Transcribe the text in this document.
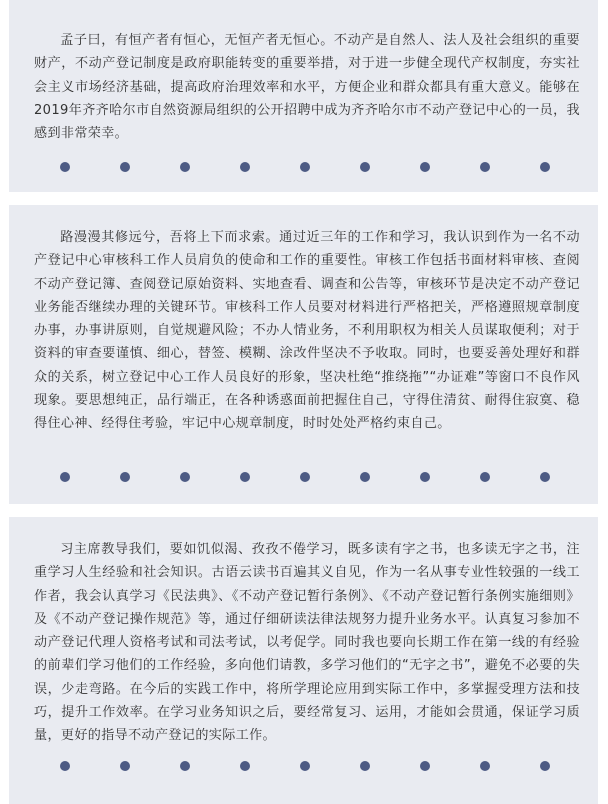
孟子曰，有恒产者有恒心，无恒产者无恒心。不动产是自然人、法人及社会组织的重要财产，不动产登记制度是政府职能转变的重要举措，对于进一步健全现代产权制度，夯实社会主义市场经济基础，提高政府治理效率和水平，方便企业和群众都具有重大意义。能够在2019年齐齐哈尔市自然资源局组织的公开招聘中成为齐齐哈尔市不动产登记中心的一员，我感到非常荣幸。

路漫漫其修远兮，吾将上下而求索。通过近三年的工作和学习，我认识到作为一名不动产登记中心审核科工作人员肩负的使命和工作的重要性。审核工作包括书面材料审核、查阅不动产登记簿、查阅登记原始资料、实地查看、调查和公告等，审核环节是决定不动产登记业务能否继续办理的关键环节。审核科工作人员要对材料进行严格把关，严格遵照规章制度办事，办事讲原则，自觉规避风险；不办人情业务，不利用职权为相关人员谋取便利；对于资料的审查要谨慎、细心，替签、模糊、涂改件坚决不予收取。同时，也要妥善处理好和群众的关系，树立登记中心工作人员良好的形象，坚决杜绝“推绕拖”“办证难”等窗口不良作风现象。要思想纯正，品行端正，在各种诱惑面前把握住自己，守得住清贫、耐得住寂寞、稳得住心神、经得住考验，牢记中心规章制度，时时处处严格约束自己。

习主席教导我们，要如饥似渴、孜孜不倦学习，既多读有字之书，也多读无字之书，注重学习人生经验和社会知识。古语云读书百遍其义自见，作为一名从事专业性较强的一线工作者，我会认真学习《民法典》、《不动产登记暂行条例》、《不动产登记暂行条例实施细则》及《不动产登记操作规范》等，通过仔细研读法律法规努力提升业务水平。认真复习参加不动产登记代理人资格考试和司法考试，以考促学。同时我也要向长期工作在第一线的有经验的前辈们学习他们的工作经验，多向他们请教，多学习他们的“无字之书”，避免不必要的失误，少走弯路。在今后的实践工作中，将所学理论应用到实际工作中，多掌握受理方法和技巧，提升工作效率。在学习业务知识之后，要经常复习、运用，才能如会贯通，保证学习质量，更好的指导不动产登记的实际工作。
